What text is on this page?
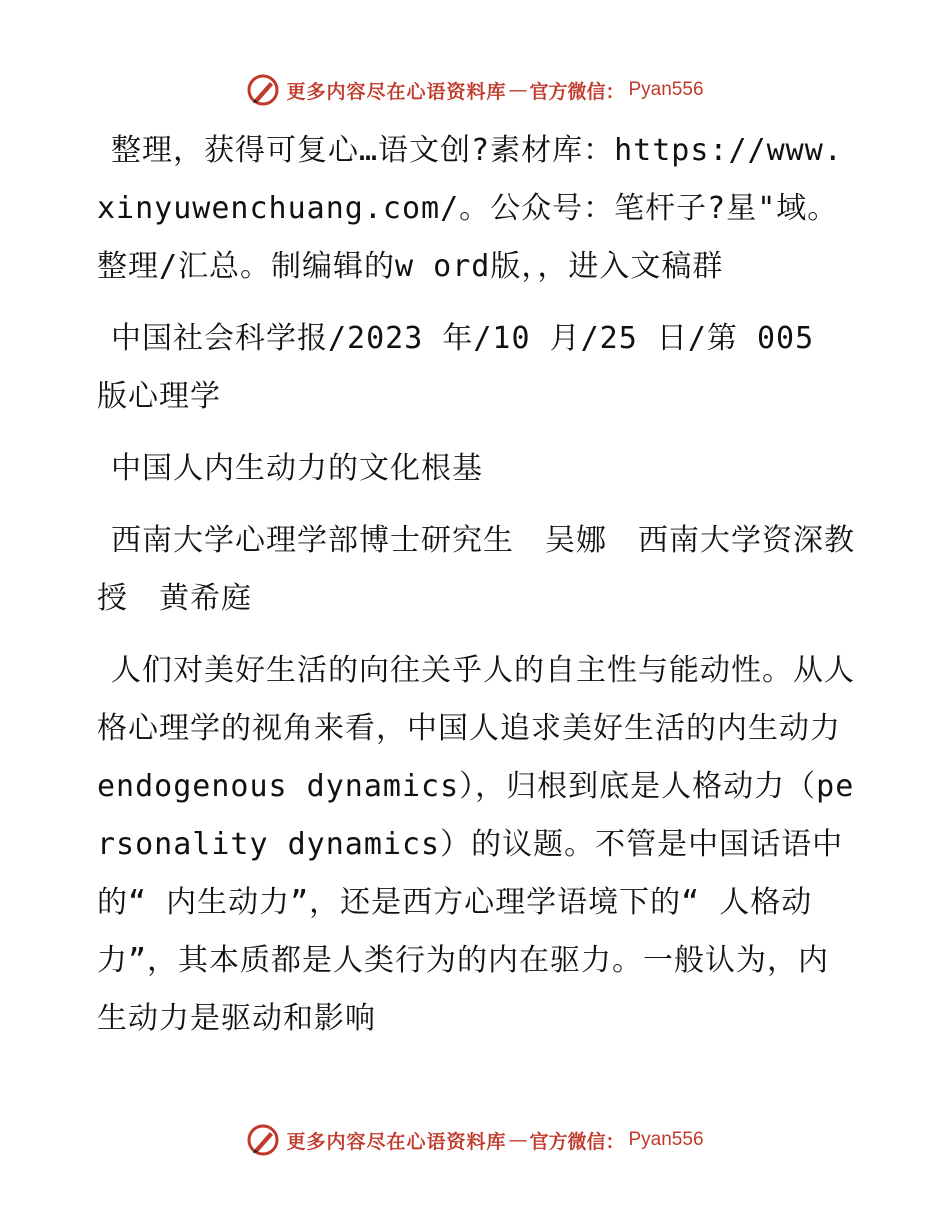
更多内容尽在心语资料库 — 官方微信： Pyan556

整理，获得可复心…语文创?素材库：https://www.xinyuwenchuang.com/。公众号：笔杆子?星"域。整理/汇总。制编辑的w ord版，，进入文稿群

中国社会科学报/2023 年/10 月/25 日/第 005 版心理学

中国人内生动力的文化根基

西南大学心理学部博士研究生　吴娜　西南大学资深教授　黄希庭

人们对美好生活的向往关乎人的自主性与能动性。从人格心理学的视角来看，中国人追求美好生活的内生动力 endogenous dynamics），归根到底是人格动力（personality dynamics）的议题。不管是中国话语中的“ 内生动力”，还是西方心理学语境下的“ 人格动力”，其本质都是人类行为的内在驱力。一般认为，内生动力是驱动和影响

更多内容尽在心语资料库 — 官方微信： Pyan556
